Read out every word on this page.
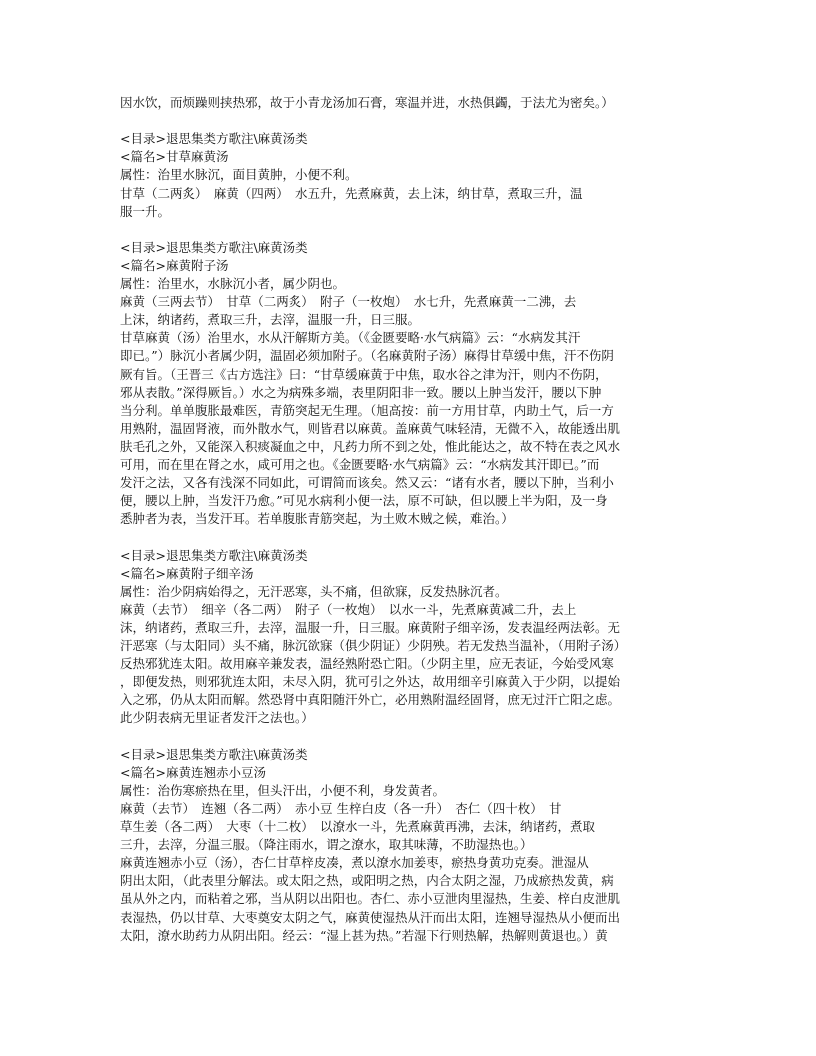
因水饮，而烦躁则挟热邪，故于小青龙汤加石膏，寒温并进，水热俱蠲，于法尤为密矣。）
<目录>退思集类方歌注\麻黄汤类
<篇名>甘草麻黄汤
属性：治里水脉沉，面目黄肿，小便不利。
甘草（二两炙）　麻黄（四两）　水五升，先煮麻黄，去上沫，纳甘草，煮取三升，温
服一升。
<目录>退思集类方歌注\麻黄汤类
<篇名>麻黄附子汤
属性：治里水，水脉沉小者，属少阴也。
麻黄（三两去节）　甘草（二两炙）　附子（一枚炮）　水七升，先煮麻黄一二沸，去
上沫，纳诸药，煮取三升，去滓，温服一升，日三服。
甘草麻黄（汤）治里水，水从汗解斯方美。（《金匮要略·水气病篇》云：“水病发其汗
即已。”）脉沉小者属少阴，温固必须加附子。（名麻黄附子汤）麻得甘草缓中焦，汗不伤阴
厥有旨。（王晋三《古方选注》曰：“甘草缓麻黄于中焦，取水谷之津为汗，则内不伤阴，
邪从表散。”深得厥旨。）水之为病殊多端，表里阴阳非一致。腰以上肿当发汗，腰以下肿
当分利。单单腹胀最难医，青筋突起无生理。（旭高按：前一方用甘草，内助土气，后一方
用熟附，温固肾液，而外散水气，则皆君以麻黄。盖麻黄气味轻清，无微不入，故能透出肌
肤毛孔之外，又能深入积痰凝血之中，凡药力所不到之处，惟此能达之，故不特在表之风水
可用，而在里在肾之水，咸可用之也。《金匮要略·水气病篇》云：“水病发其汗即已。”而
发汗之法，又各有浅深不同如此，可谓简而该矣。然又云：“诸有水者，腰以下肿，当利小
便，腰以上肿，当发汗乃愈。”可见水病利小便一法，原不可缺，但以腰上半为阳，及一身
悉肿者为表，当发汗耳。若单腹胀青筋突起，为土败木贼之候，难治。）
<目录>退思集类方歌注\麻黄汤类
<篇名>麻黄附子细辛汤
属性：治少阴病始得之，无汗恶寒，头不痛，但欲寐，反发热脉沉者。
麻黄（去节）　细辛（各二两）　附子（一枚炮）　以水一斗，先煮麻黄减二升，去上
沫，纳诸药，煮取三升，去滓，温服一升，日三服。麻黄附子细辛汤，发表温经两法彰。无
汗恶寒（与太阳同）头不痛，脉沉欲寐（俱少阴证）少阴殃。若无发热当温补，（用附子汤）
反热邪犹连太阳。故用麻辛兼发表，温经熟附恐亡阳。（少阴主里，应无表证，今始受风寒
，即便发热，则邪犹连太阳，未尽入阴，犹可引之外达，故用细辛引麻黄入于少阴，以提始
入之邪，仍从太阳而解。然恐肾中真阳随汗外亡，必用熟附温经固肾，庶无过汗亡阳之虑。
此少阴表病无里证者发汗之法也。）
<目录>退思集类方歌注\麻黄汤类
<篇名>麻黄连翘赤小豆汤
属性：治伤寒瘀热在里，但头汗出，小便不利，身发黄者。
麻黄（去节）　连翘（各二两）　赤小豆 生梓白皮（各一升）　杏仁（四十枚）　甘
草生姜（各二两）　大枣（十二枚）　以潦水一斗，先煮麻黄再沸，去沫，纳诸药，煮取
三升，去滓，分温三服。（降注雨水，谓之潦水，取其味薄，不助湿热也。）
麻黄连翘赤小豆（汤），杏仁甘草梓皮凑，煮以潦水加姜枣，瘀热身黄功克奏。泄湿从
阴出太阳，（此表里分解法。或太阳之热，或阳明之热，内合太阴之湿，乃成瘀热发黄，病
虽从外之内，而粘着之邪，当从阴以出阳也。杏仁、赤小豆泄肉里湿热，生姜、梓白皮泄肌
表湿热，仍以甘草、大枣奠安太阴之气，麻黄使湿热从汗而出太阳，连翘导湿热从小便而出
太阳，潦水助药力从阴出阳。经云：“湿上甚为热。”若湿下行则热解，热解则黄退也。）黄
